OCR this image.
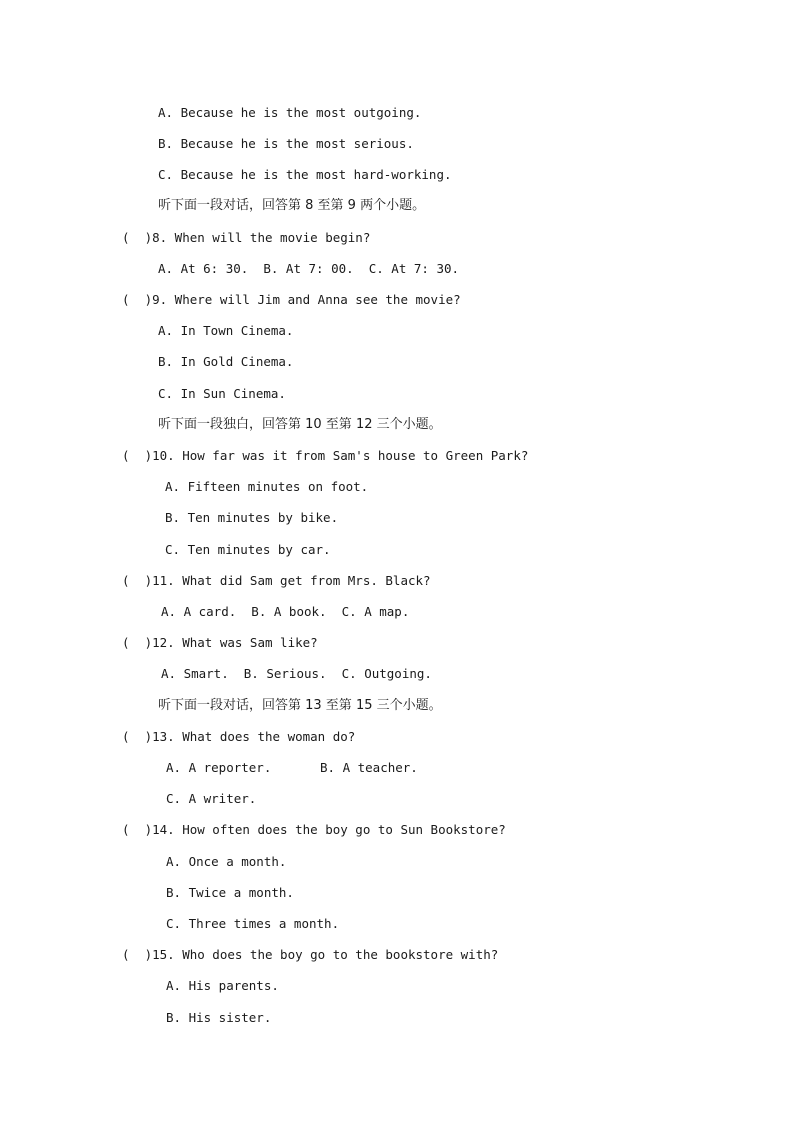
A. Because he is the most outgoing.
B. Because he is the most serious.
C. Because he is the most hard-working.
听下面一段对话，回答第 8 至第 9 两个小题。
(  )8. When will the movie begin?
A. At 6: 30.  B. At 7: 00.  C. At 7: 30.
(  )9. Where will Jim and Anna see the movie?
A. In Town Cinema.
B. In Gold Cinema.
C. In Sun Cinema.
听下面一段独白，回答第 10 至第 12 三个小题。
(  )10. How far was it from Sam's house to Green Park?
A. Fifteen minutes on foot.
B. Ten minutes by bike.
C. Ten minutes by car.
(  )11. What did Sam get from Mrs. Black?
A. A card.  B. A book.  C. A map.
(  )12. What was Sam like?
A. Smart.  B. Serious.  C. Outgoing.
听下面一段对话，回答第 13 至第 15 三个小题。
(  )13. What does the woman do?
A. A reporter.	B. A teacher.
C. A writer.
(  )14. How often does the boy go to Sun Bookstore?
A. Once a month.
B. Twice a month.
C. Three times a month.
(  )15. Who does the boy go to the bookstore with?
A. His parents.
B. His sister.
